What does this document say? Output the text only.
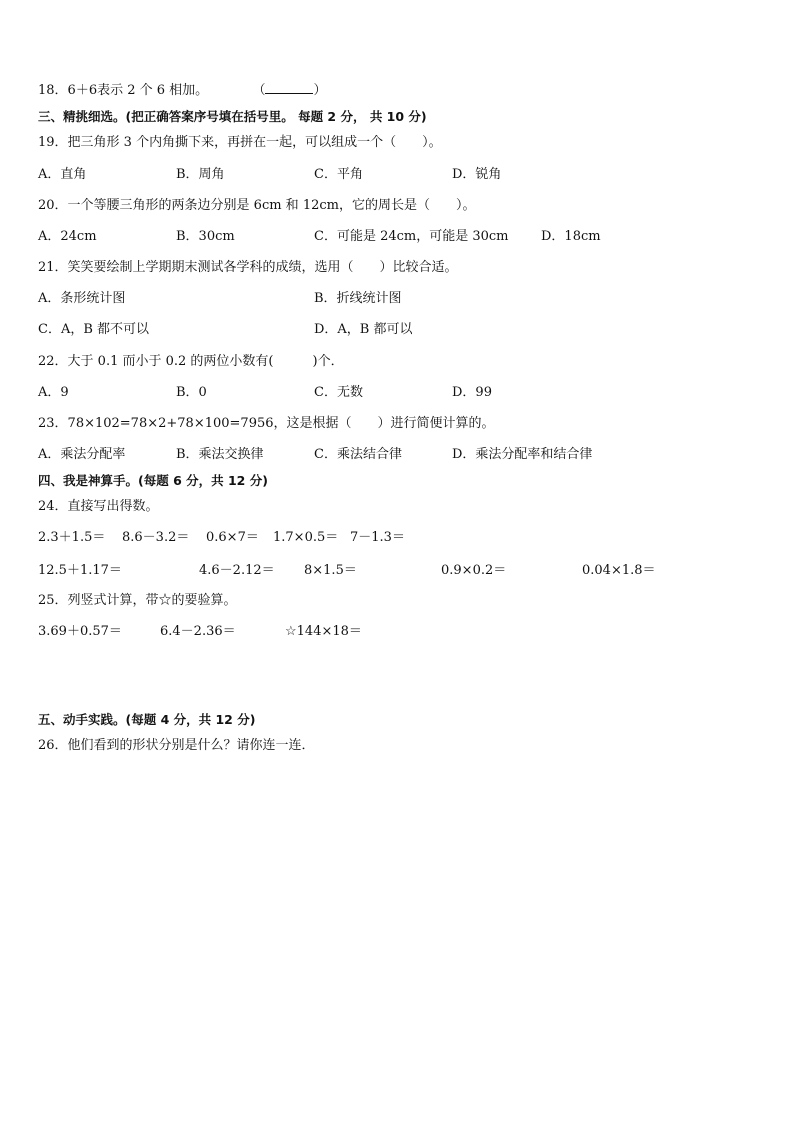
18．6＋6表示 2 个 6 相加。	（	）
三、精挑细选。(把正确答案序号填在括号里。 每题 2 分， 共 10 分)
19．把三角形 3 个内角撕下来，再拼在一起，可以组成一个（　　）。
A．直角	B．周角	C．平角	D．锐角
20．一个等腰三角形的两条边分别是 6cm 和 12cm，它的周长是（　　）。
A．24cm	B．30cm	C．可能是 24cm，可能是 30cm D．18cm
21．笑笑要绘制上学期期末测试各学科的成绩，选用（　　）比较合适。
A．条形统计图	B．折线统计图
C．A，B 都不可以	D．A，B 都可以
22．大于 0.1 而小于 0.2 的两位小数有(　　　)个．
A．9	B．0	C．无数	D．99
23．78×102=78×2+78×100=7956，这是根据（　　）进行简便计算的。
A．乘法分配率	B．乘法交换律	C．乘法结合律	D．乘法分配率和结合律
四、我是神算手。(每题 6 分，共 12 分)
24．直接写出得数。
2.3＋1.5＝ 8.6－3.2＝ 0.6×7＝ 1.7×0.5＝ 7－1.3＝
12.5＋1.17＝	4.6－2.12＝ 8×1.5＝	0.9×0.2＝	0.04×1.8＝
25．列竖式计算，带☆的要验算。
3.69＋0.57＝	6.4－2.36＝	☆144×18＝
五、动手实践。(每题 4 分，共 12 分)
26．他们看到的形状分别是什么？请你连一连．
